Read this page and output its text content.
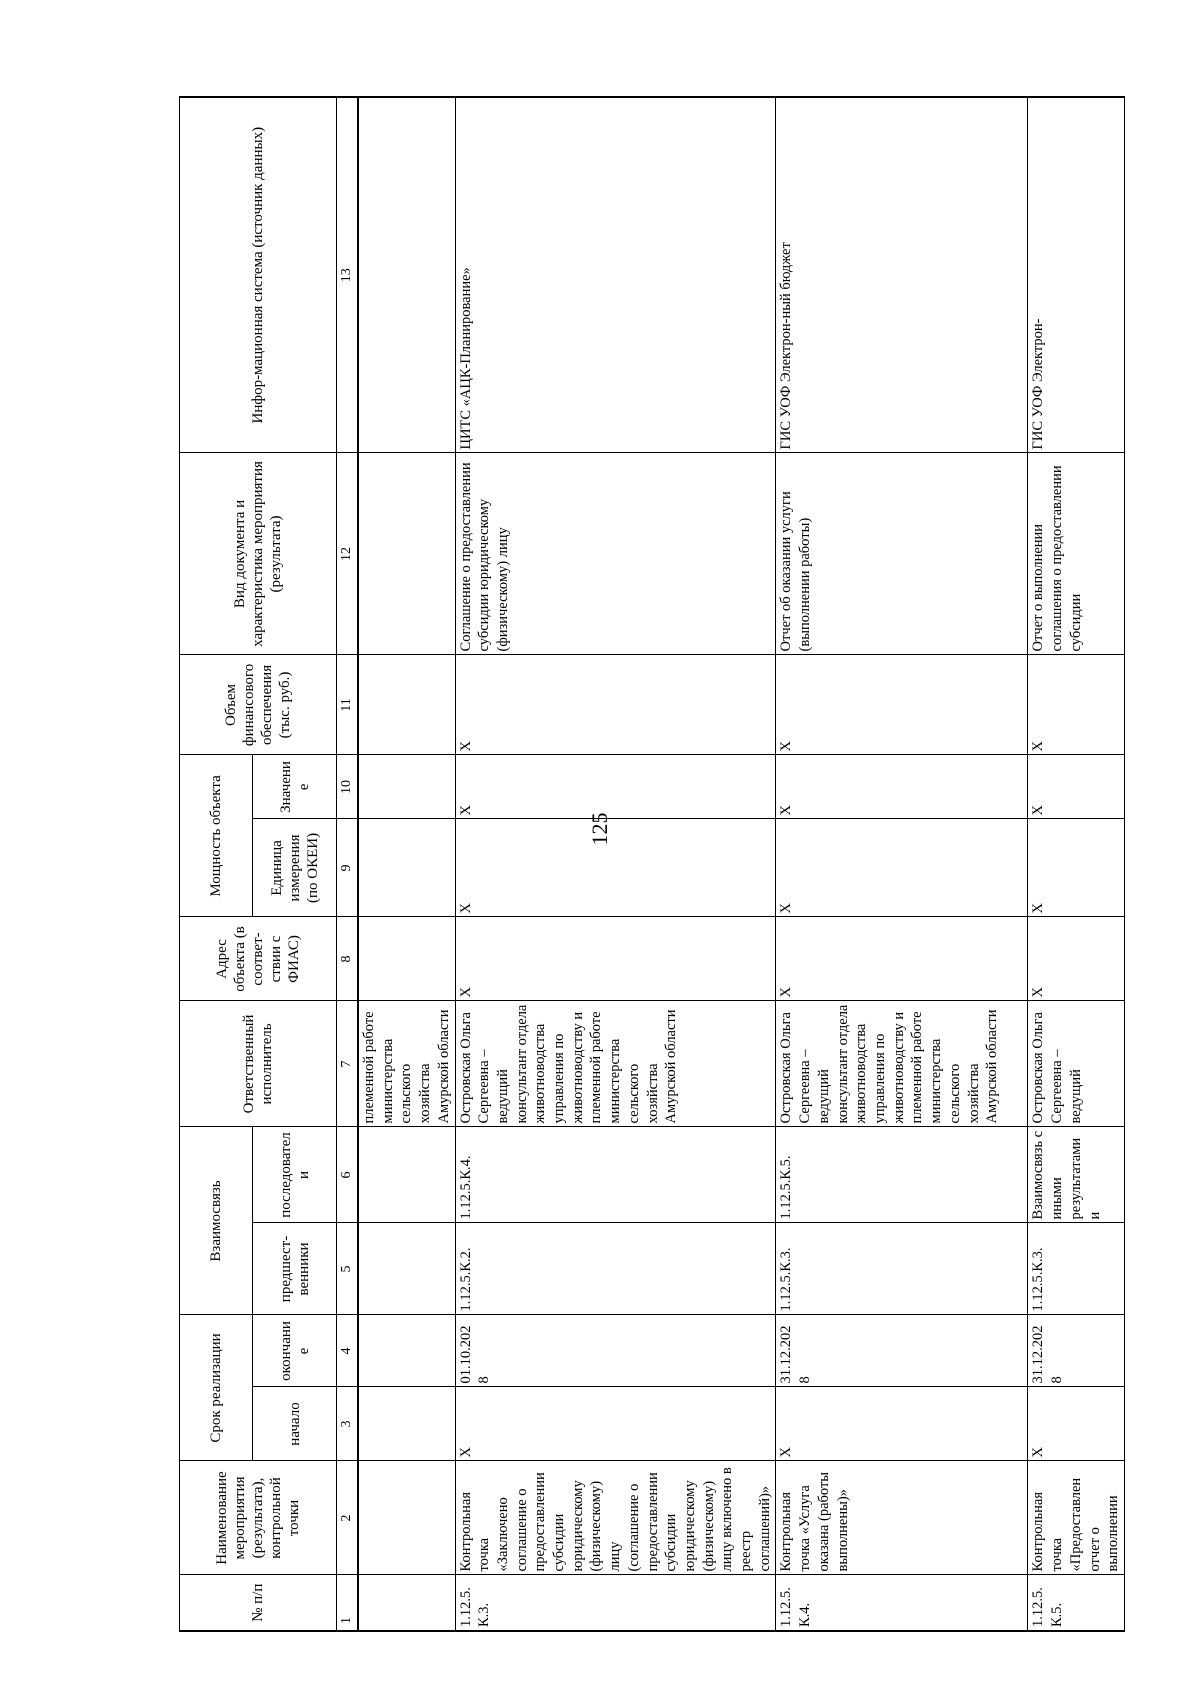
125
№ п/п	Наименование мероприятия (результата), контрольной точки	Срок реализации		Взаимосвязь		Ответственный исполнитель	Адрес объекта (в соответ-ствии с ФИАС)	Мощность объекта		Объем финансового обеспечения (тыс. руб.)	Вид документа и характеристика мероприятия (результата)	Инфор-мационная система (источник данных)
		начало	окончание	предшест-венники	последователи			Единица измерения (по ОКЕИ)	Значение			
1	2	3	4	5	6	7	8	9	10	11	12	13
						племенной работе министерства сельского хозяйства Амурской области						
1.12.5.К.3.	Контрольная точка «Заключено соглашение о предоставлении субсидии юридическому (физическому) лицу (соглашение о предоставлении субсидии юридическому (физическому) лицу включено в реестр соглашений)»	X	01.10.2028	1.12.5.К.2.	1.12.5.К.4.	Островская Ольга Сергеевна – ведущий консультант отдела животноводства управления по животноводству и племенной работе министерства сельского хозяйства Амурской области	X	X	X	X	Соглашение о предоставлении субсидии юридическому (физическому) лицу	ЦИТС «АЦК-Планирование»
1.12.5.К.4.	Контрольная точка «Услуга оказана (работы выполнены)»	X	31.12.2028	1.12.5.К.3.	1.12.5.К.5.	Островская Ольга Сергеевна – ведущий консультант отдела животноводства управления по животноводству и племенной работе министерства сельского хозяйства Амурской области	X	X	X	X	Отчет об оказании услуги (выполнении работы)	ГИС УОФ Электрон-ный бюджет
1.12.5.К.5.	Контрольная точка «Предоставлен отчет о выполнении	X	31.12.2028	1.12.5.К.3.	Взаимосвязь с иными результатами и	Островская Ольга Сергеевна – ведущий	X	X	X	X	Отчет о выполнении соглашения о предоставлении субсидии	ГИС УОФ Электрон-
